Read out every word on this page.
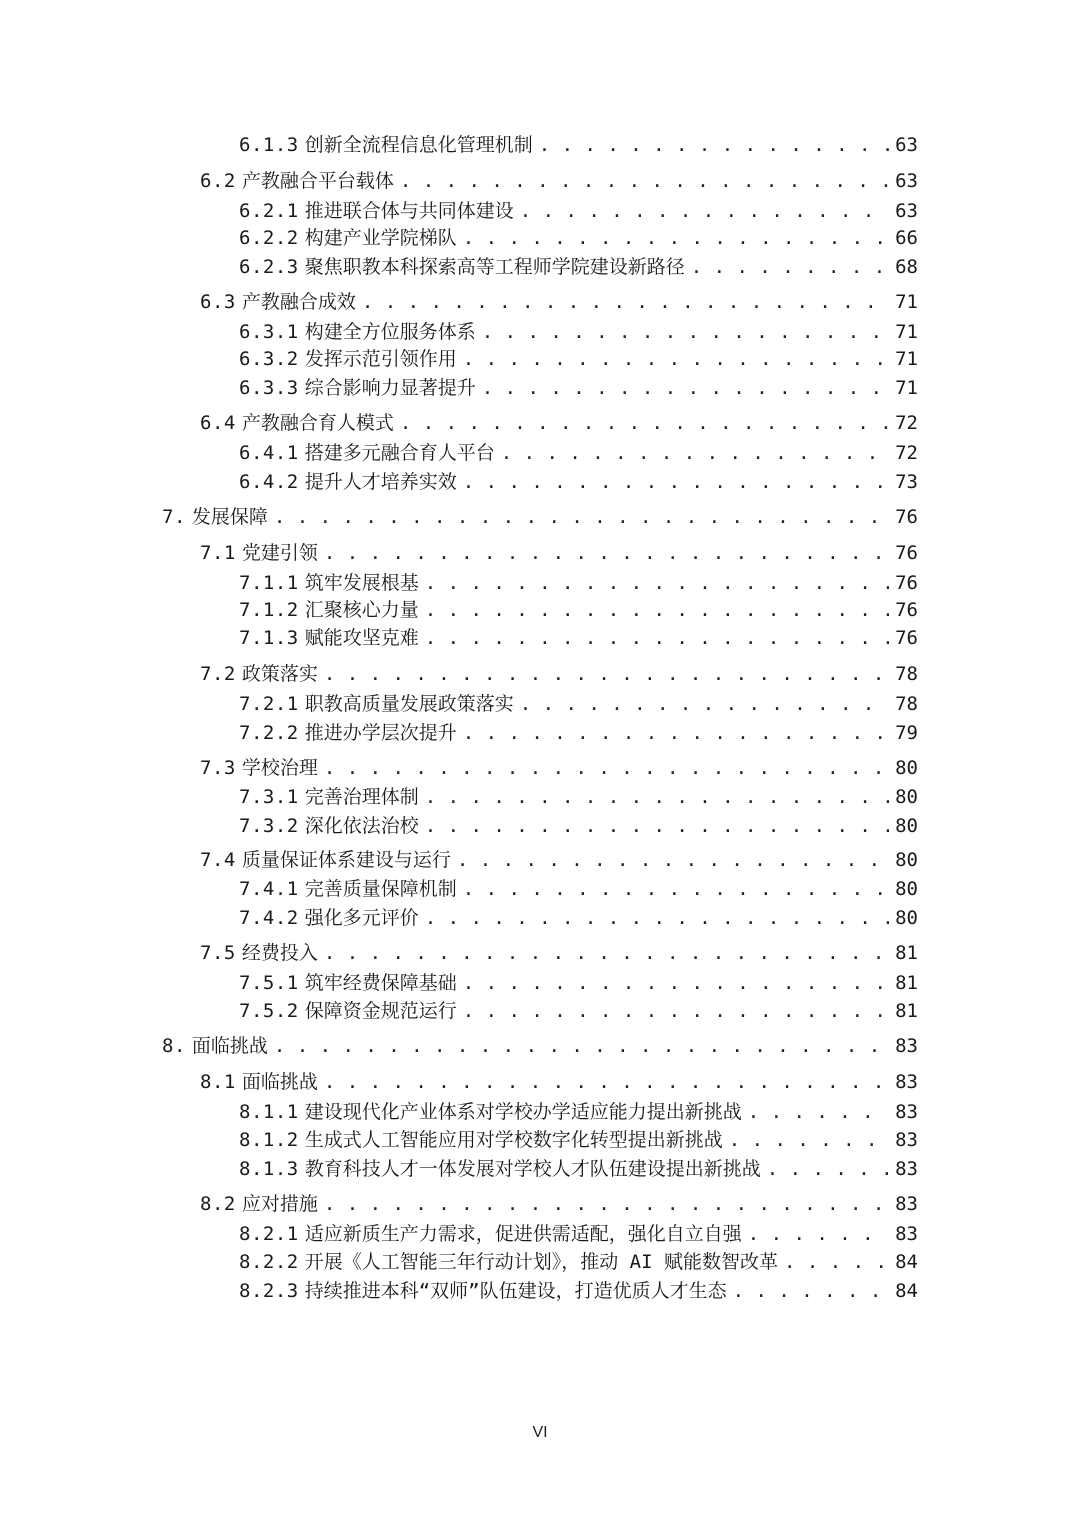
6.1.3 创新全流程信息化管理机制 . . .	63
6.2 产教融合平台载体 . . .	63
6.2.1 推进联合体与共同体建设 . . .	63
6.2.2 构建产业学院梯队 . . .	66
6.2.3 聚焦职教本科探索高等工程师学院建设新路径 . . .	68
6.3 产教融合成效 . . .	71
6.3.1 构建全方位服务体系 . . .	71
6.3.2 发挥示范引领作用 . . .	71
6.3.3 综合影响力显著提升 . . .	71
6.4 产教融合育人模式 . . .	72
6.4.1 搭建多元融合育人平台 . . .	72
6.4.2 提升人才培养实效 . . .	73
7. 发展保障 . . .	76
7.1 党建引领 . . .	76
7.1.1 筑牢发展根基 . . .	76
7.1.2 汇聚核心力量 . . .	76
7.1.3 赋能攻坚克难 . . .	76
7.2 政策落实 . . .	78
7.2.1 职教高质量发展政策落实 . . .	78
7.2.2 推进办学层次提升 . . .	79
7.3 学校治理 . . .	80
7.3.1 完善治理体制 . . .	80
7.3.2 深化依法治校 . . .	80
7.4 质量保证体系建设与运行 . . .	80
7.4.1 完善质量保障机制 . . .	80
7.4.2 强化多元评价 . . .	80
7.5 经费投入 . . .	81
7.5.1 筑牢经费保障基础 . . .	81
7.5.2 保障资金规范运行 . . .	81
8. 面临挑战 . . .	83
8.1 面临挑战 . . .	83
8.1.1 建设现代化产业体系对学校办学适应能力提出新挑战 . . .	83
8.1.2 生成式人工智能应用对学校数字化转型提出新挑战 . . .	83
8.1.3 教育科技人才一体发展对学校人才队伍建设提出新挑战 . . .	83
8.2 应对措施 . . .	83
8.2.1 适应新质生产力需求，促进供需适配，强化自立自强 . . .	83
8.2.2 开展《人工智能三年行动计划》，推动 AI 赋能数智改革 . . .	84
8.2.3 持续推进本科“双师”队伍建设，打造优质人才生态 . . .	84
VI
